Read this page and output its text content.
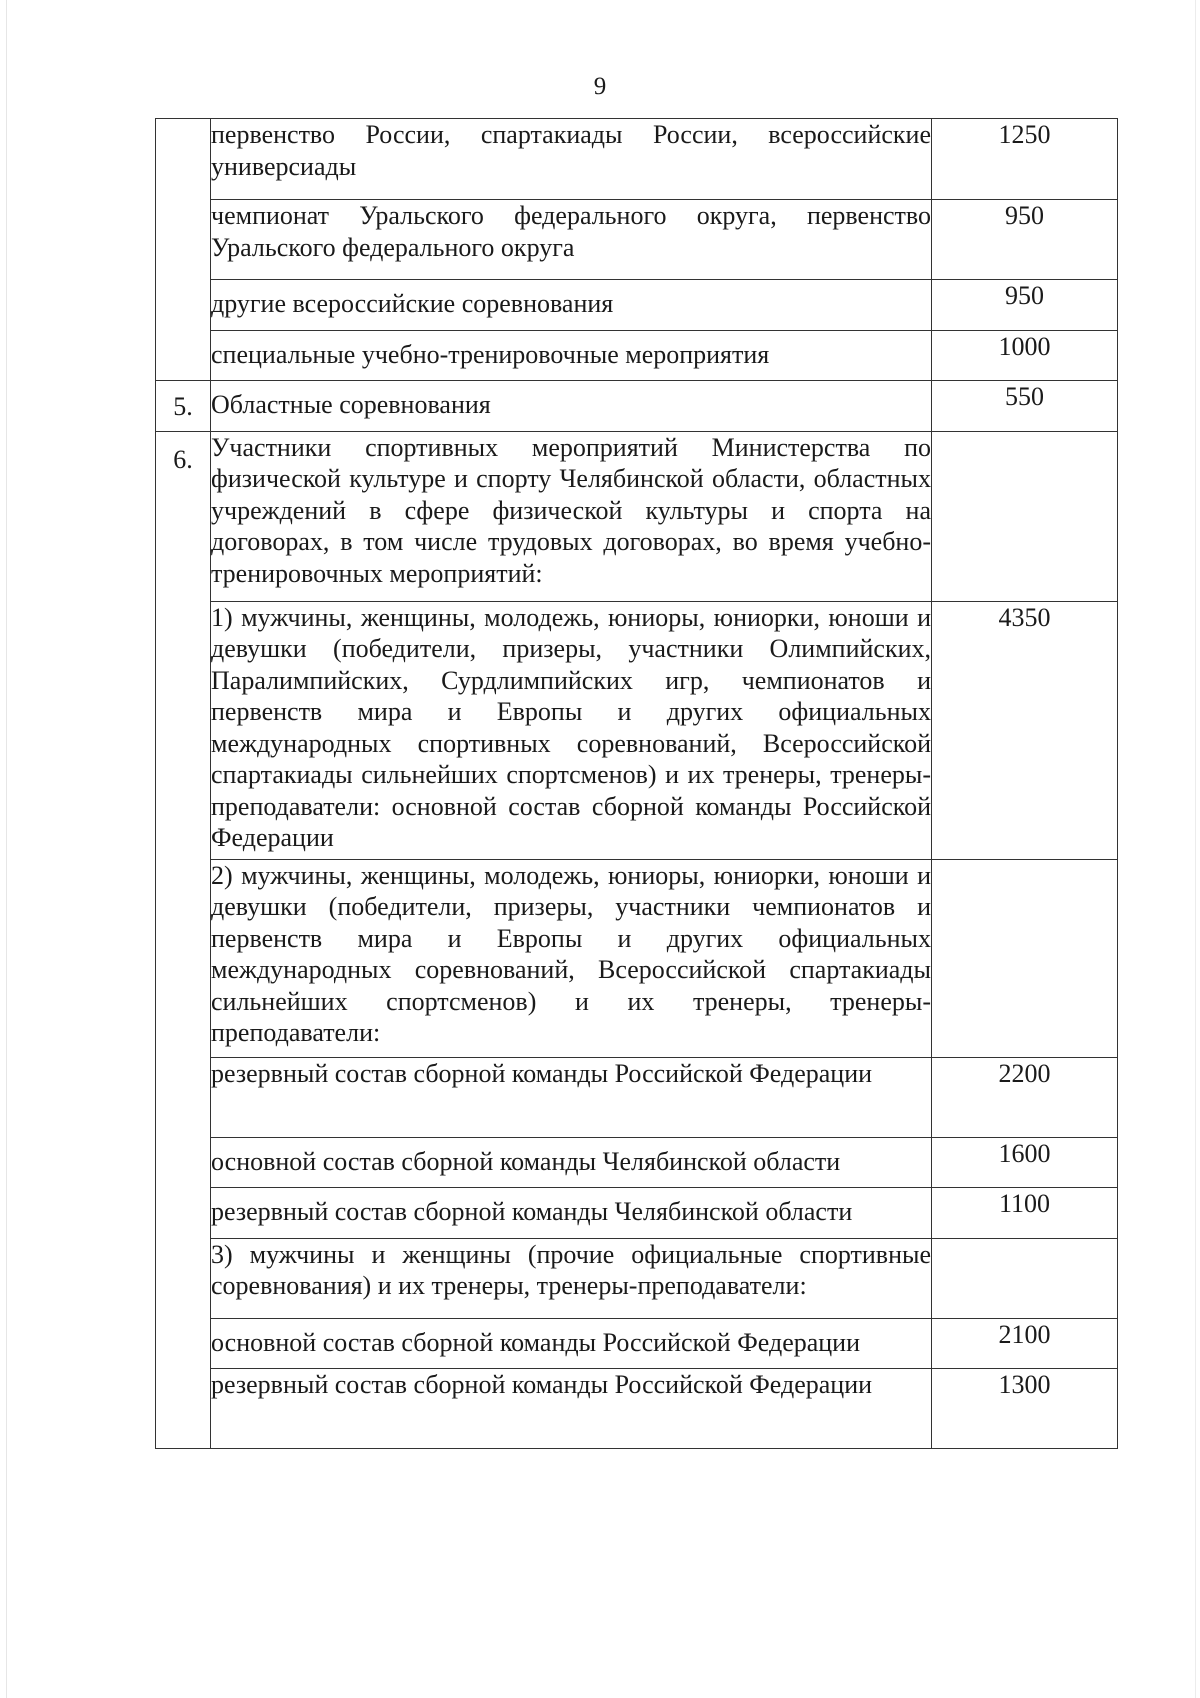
9

	первенство России, спартакиады России, всероссийские универсиады	1250

	чемпионат Уральского федерального округа, первенство Уральского федерального округа	950

	другие всероссийские соревнования	950

	специальные учебно-тренировочные мероприятия	1000
5.	Областные соревнования	550
6.	Участники спортивных мероприятий Министерства по физической культуре и спорту Челябинской области, областных учреждений в сфере физической культуры и спорта на договорах, в том числе трудовых договорах, во время учебно-тренировочных мероприятий:	

	1) мужчины, женщины, молодежь, юниоры, юниорки, юноши и девушки (победители, призеры, участники Олимпийских, Паралимпийских, Сурдлимпийских игр, чемпионатов и первенств мира и Европы и других официальных международных спортивных соревнований, Всероссийской спартакиады сильнейших спортсменов) и их тренеры, тренеры-преподаватели: основной состав сборной команды Российской Федерации	4350

	2) мужчины, женщины, молодежь, юниоры, юниорки, юноши и девушки (победители, призеры, участники чемпионатов и первенств мира и Европы и других официальных международных соревнований, Всероссийской спартакиады сильнейших спортсменов) и их тренеры, тренеры-преподаватели:	

	резервный состав сборной команды Российской Федерации	2200

	основной состав сборной команды Челябинской области	1600

	резервный состав сборной команды Челябинской области	1100

	3) мужчины и женщины (прочие официальные спортивные соревнования) и их тренеры, тренеры-преподаватели:	

	основной состав сборной команды Российской Федерации	2100

	резервный состав сборной команды Российской Федерации	1300
